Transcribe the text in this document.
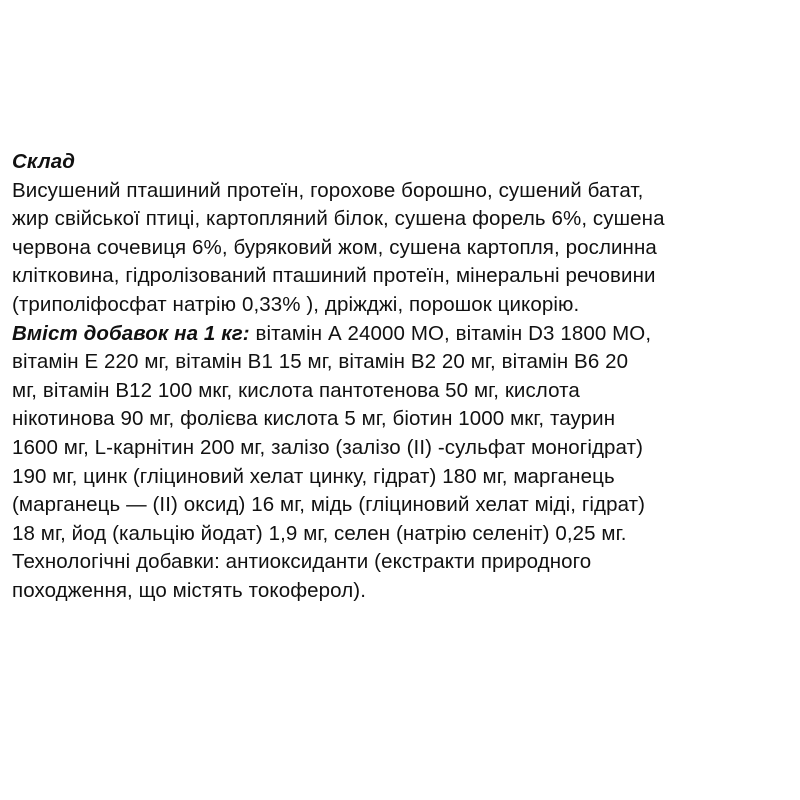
Склад
Висушений пташиний протеїн, горохове борошно, сушений батат,
жир свійської птиці, картопляний білок, сушена форель 6%, сушена
червона сочевиця 6%, буряковий жом, сушена картопля, рослинна
клітковина, гідролізований пташиний протеїн, мінеральні речовини
(триполіфосфат натрію 0,33% ), дріжджі, порошок цикорію.
Вміст добавок на 1 кг: вітамін А 24000 МО, вітамін D3 1800 МО,
вітамін Е 220 мг, вітамін В1 15 мг, вітамін В2 20 мг, вітамін В6 20
мг, вітамін В12 100 мкг, кислота пантотенова 50 мг, кислота
нікотинова 90 мг, фолієва кислота 5 мг, біотин 1000 мкг, таурин
1600 мг, L-карнітин 200 мг, залізо (залізо (II) -сульфат моногідрат)
190 мг, цинк (гліциновий хелат цинку, гідрат) 180 мг, марганець
(марганець — (II) оксид) 16 мг, мідь (гліциновий хелат міді, гідрат)
18 мг, йод (кальцію йодат) 1,9 мг, селен (натрію селеніт) 0,25 мг.
Технологічні добавки: антиоксиданти (екстракти природного
походження, що містять токоферол).
